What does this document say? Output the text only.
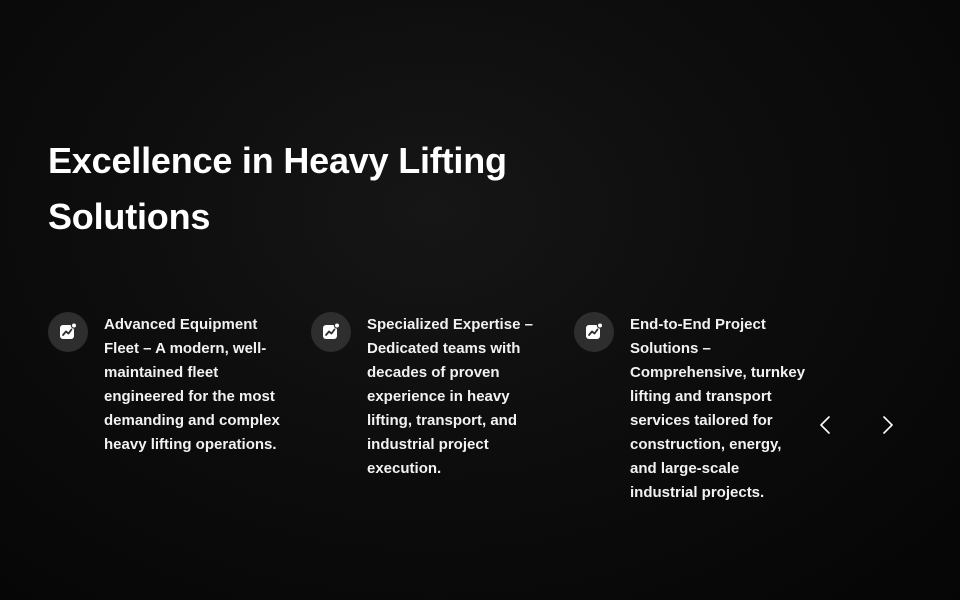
Excellence in Heavy Lifting Solutions
Advanced Equipment Fleet – A modern, well-maintained fleet engineered for the most demanding and complex heavy lifting operations.
Specialized Expertise – Dedicated teams with decades of proven experience in heavy lifting, transport, and industrial project execution.
End-to-End Project Solutions – Comprehensive, turnkey lifting and transport services tailored for construction, energy, and large-scale industrial projects.
